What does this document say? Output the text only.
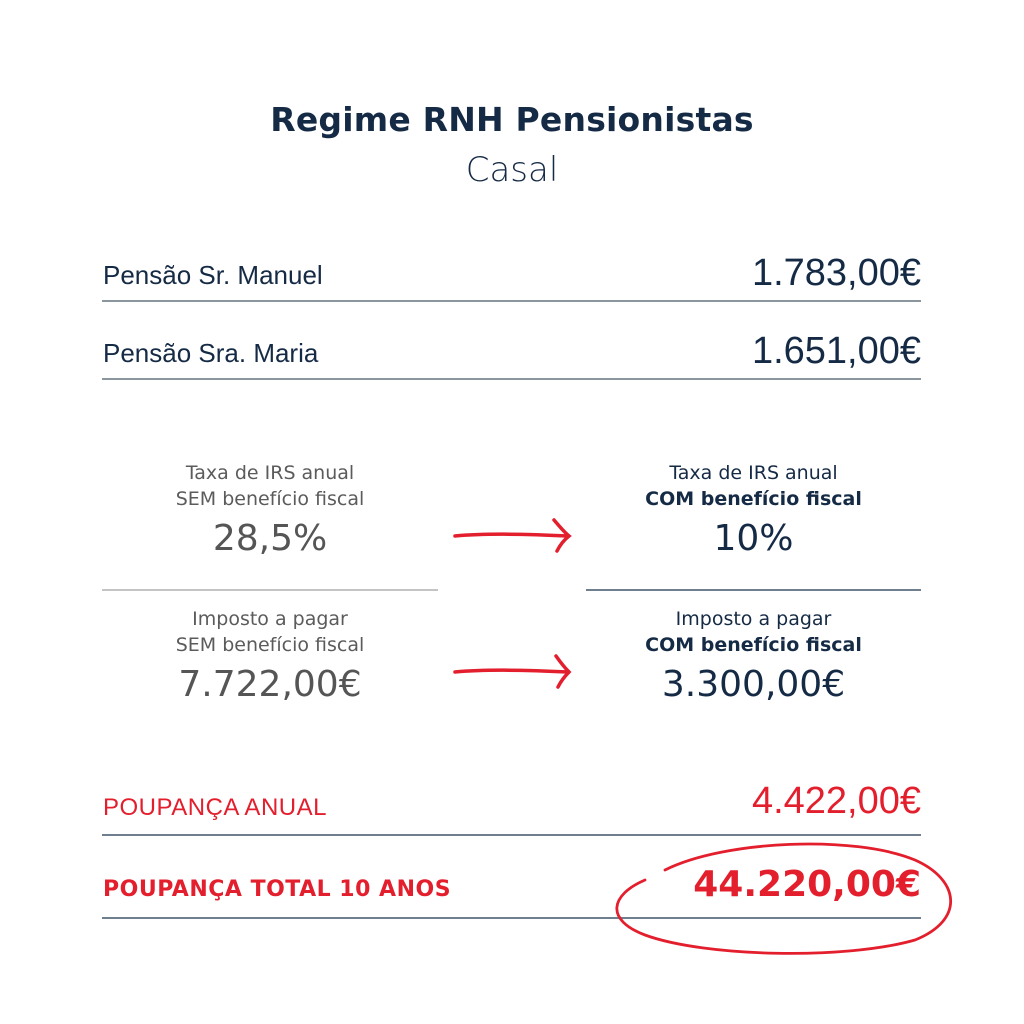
Regime RNH Pensionistas
Casal
Pensão Sr. Manuel	1.783,00€
Pensão Sra. Maria	1.651,00€
Taxa de IRS anual
SEM benefício fiscal
28,5%
Taxa de IRS anual
COM benefício fiscal
10%
Imposto a pagar
SEM benefício fiscal
7.722,00€
Imposto a pagar
COM benefício fiscal
3.300,00€
POUPANÇA ANUAL	4.422,00€
POUPANÇA TOTAL 10 ANOS	44.220,00€
